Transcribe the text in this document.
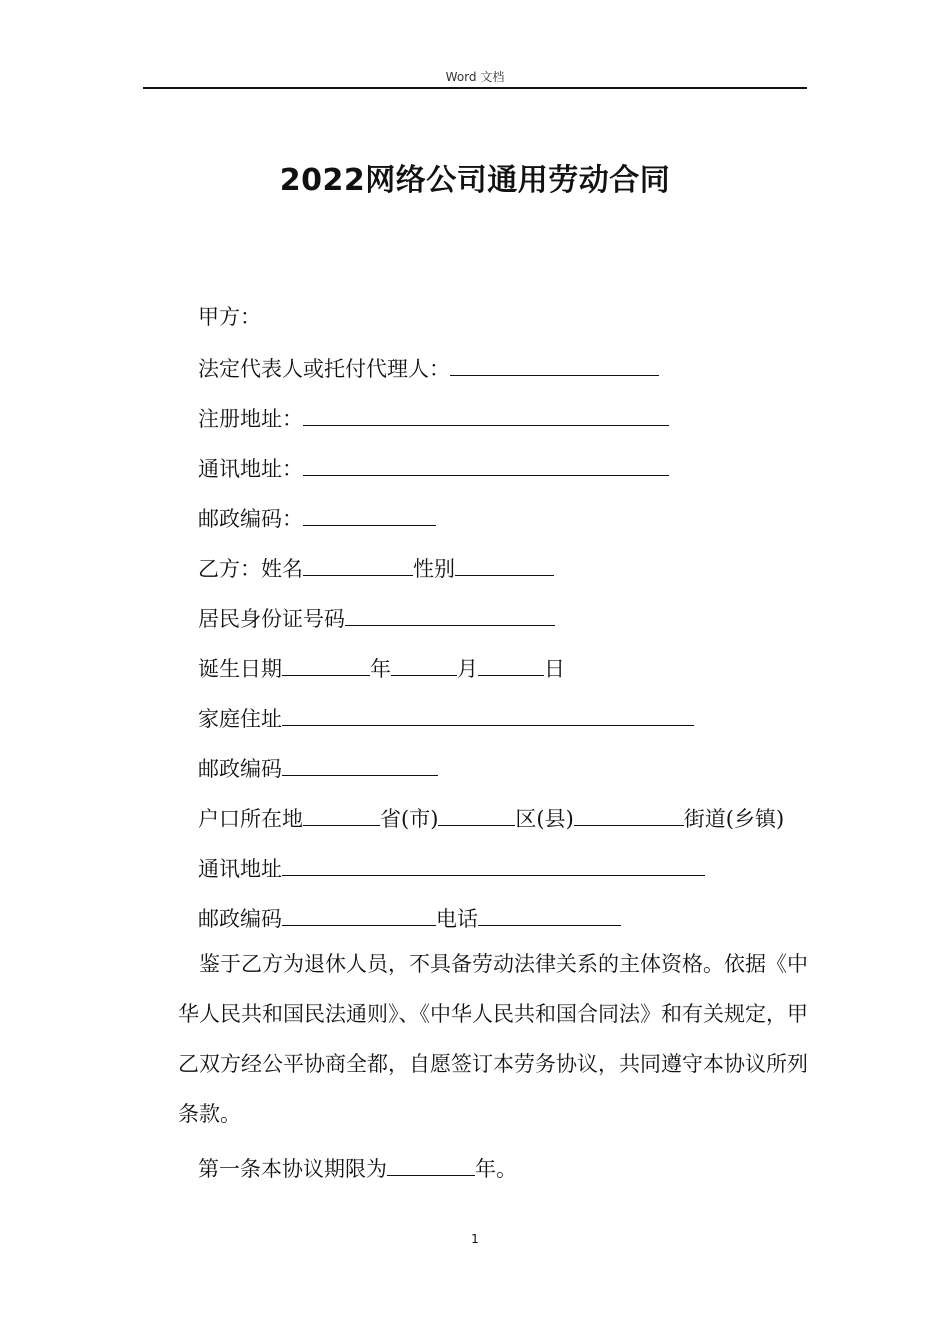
Word 文档
2022网络公司通用劳动合同
甲方：
法定代表人或托付代理人：
注册地址：
通讯地址：
邮政编码：
乙方：姓名	性别
居民身份证号码
诞生日期	年	月	日
家庭住址
邮政编码
户口所在地	省(市)	区(县)	街道(乡镇)
通讯地址
邮政编码	电话
鉴于乙方为退休人员，不具备劳动法律关系的主体资格。依据《中华人民共和国民法通则》、《中华人民共和国合同法》和有关规定，甲乙双方经公平协商全都，自愿签订本劳务协议，共同遵守本协议所列条款。
第一条本协议期限为	年。
1
